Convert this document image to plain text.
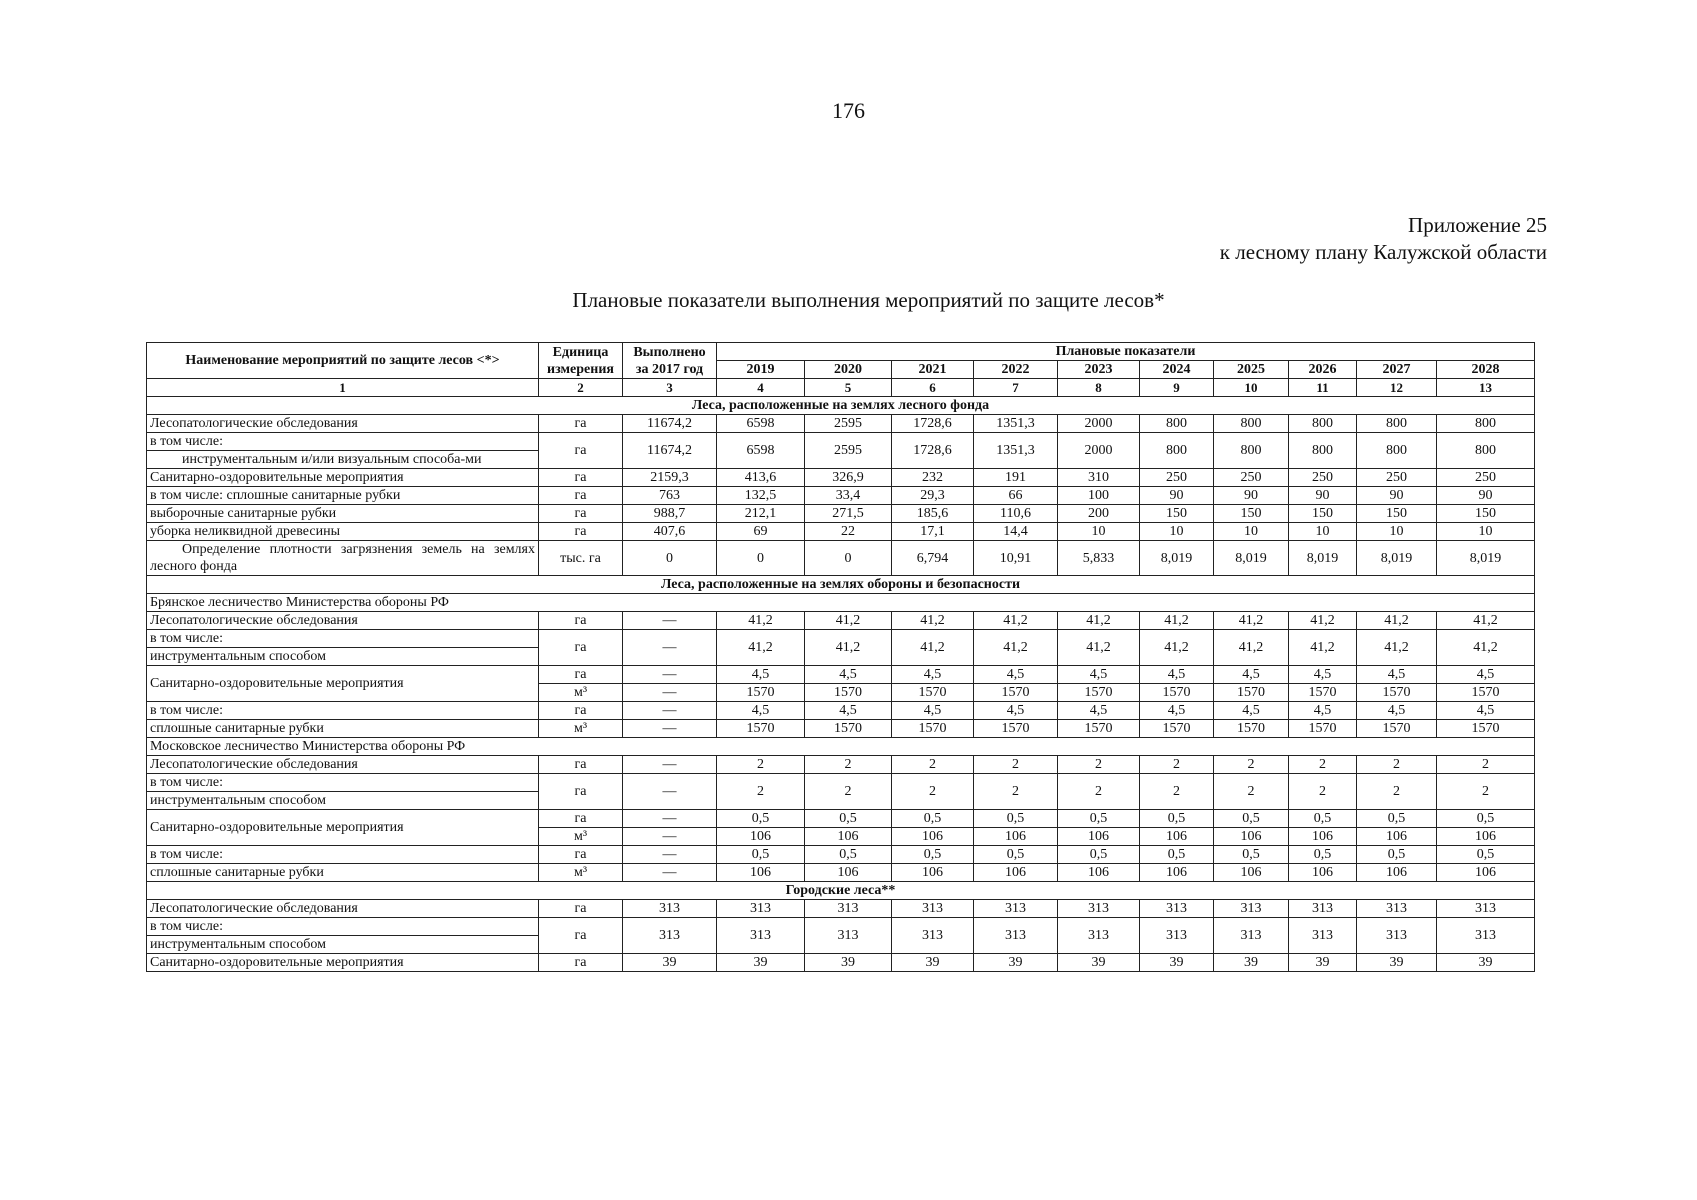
176
Приложение 25
к лесному плану Калужской области
Плановые показатели выполнения мероприятий по защите лесов*
Наименование мероприятий по защите лесов <*>	Единица измерения	Выполнено за 2017 год	Плановые показатели									
			2019	2020	2021	2022	2023	2024	2025	2026	2027	2028
1	2	3	4	5	6	7	8	9	10	11	12	13
Леса, расположенные на землях лесного фонда												
Лесопатологические обследования	га	11674,2	6598	2595	1728,6	1351,3	2000	800	800	800	800	800
в том числе:	га	11674,2	6598	2595	1728,6	1351,3	2000	800	800	800	800	800
инструментальным и/или визуальным способа-ми												
Санитарно-оздоровительные мероприятия	га	2159,3	413,6	326,9	232	191	310	250	250	250	250	250
в том числе: сплошные санитарные рубки	га	763	132,5	33,4	29,3	66	100	90	90	90	90	90
выборочные санитарные рубки	га	988,7	212,1	271,5	185,6	110,6	200	150	150	150	150	150
уборка неликвидной древесины	га	407,6	69	22	17,1	14,4	10	10	10	10	10	10
Определение плотности загрязнения земель на землях лесного фонда	тыс. га	0	0	0	6,794	10,91	5,833	8,019	8,019	8,019	8,019	8,019
Леса, расположенные на землях обороны и безопасности												
Брянское лесничество Министерства обороны РФ												
Лесопатологические обследования	га	—	41,2	41,2	41,2	41,2	41,2	41,2	41,2	41,2	41,2	41,2
в том числе:	га	—	41,2	41,2	41,2	41,2	41,2	41,2	41,2	41,2	41,2	41,2
инструментальным способом												
Санитарно-оздоровительные мероприятия	га	—	4,5	4,5	4,5	4,5	4,5	4,5	4,5	4,5	4,5	4,5
	м³	—	1570	1570	1570	1570	1570	1570	1570	1570	1570	1570
в том числе:	га	—	4,5	4,5	4,5	4,5	4,5	4,5	4,5	4,5	4,5	4,5
сплошные санитарные рубки	м³	—	1570	1570	1570	1570	1570	1570	1570	1570	1570	1570
Московское лесничество Министерства обороны РФ												
Лесопатологические обследования	га	—	2	2	2	2	2	2	2	2	2	2
в том числе:	га	—	2	2	2	2	2	2	2	2	2	2
инструментальным способом												
Санитарно-оздоровительные мероприятия	га	—	0,5	0,5	0,5	0,5	0,5	0,5	0,5	0,5	0,5	0,5
	м³	—	106	106	106	106	106	106	106	106	106	106
в том числе:	га	—	0,5	0,5	0,5	0,5	0,5	0,5	0,5	0,5	0,5	0,5
сплошные санитарные рубки	м³	—	106	106	106	106	106	106	106	106	106	106
Городские леса**												
Лесопатологические обследования	га	313	313	313	313	313	313	313	313	313	313	313
в том числе:	га	313	313	313	313	313	313	313	313	313	313	313
инструментальным способом												
Санитарно-оздоровительные мероприятия	га	39	39	39	39	39	39	39	39	39	39	39
